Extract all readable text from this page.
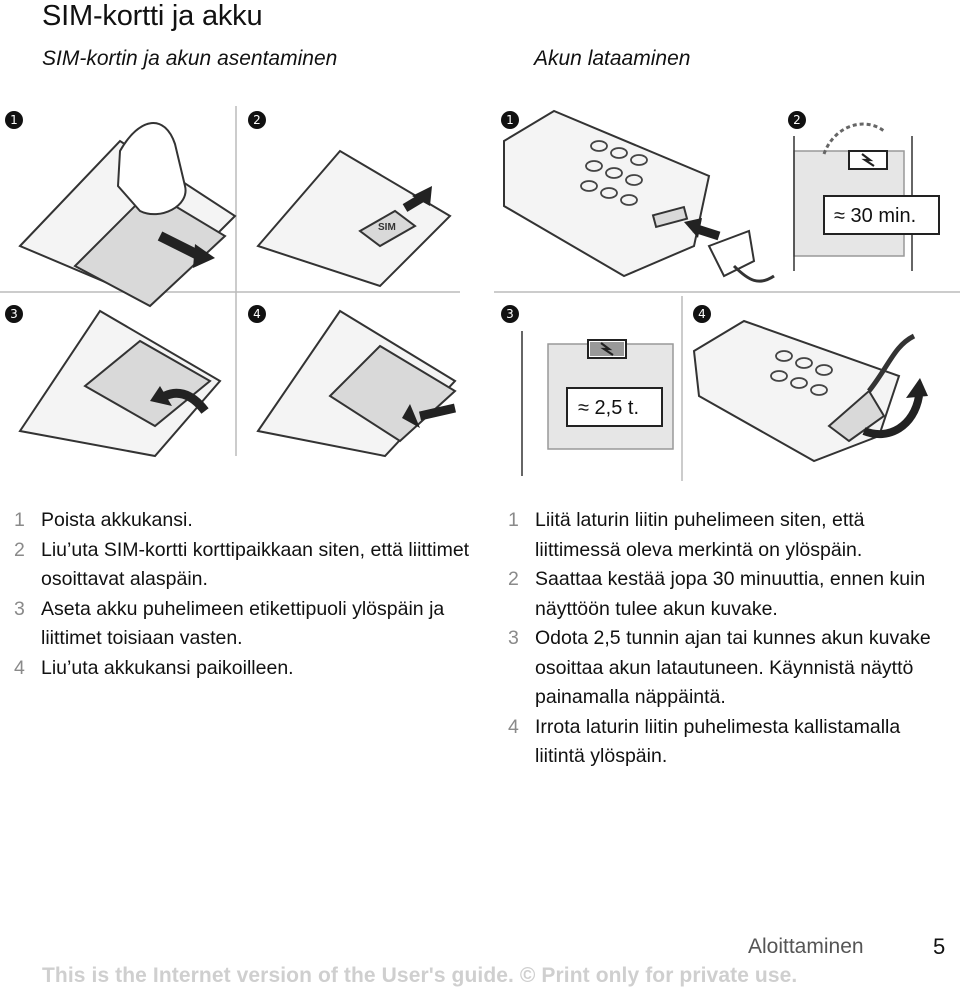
SIM-kortti ja akku
SIM-kortin ja akun asentaminen	Akun lataaminen
1	2
SIM
3	4
1	2
≈ 30 min.
3
≈ 2,5 t.
4
1 Poista akkukansi.
2 Liu’uta SIM-kortti korttipaikkaan siten, että liittimet osoittavat alaspäin.
3 Aseta akku puhelimeen etikettipuoli ylöspäin ja liittimet toisiaan vasten.
4 Liu’uta akkukansi paikoilleen.
1 Liitä laturin liitin puhelimeen siten, että liittimessä oleva merkintä on ylöspäin.
2 Saattaa kestää jopa 30 minuuttia, ennen kuin näyttöön tulee akun kuvake.
3 Odota 2,5 tunnin ajan tai kunnes akun kuvake osoittaa akun latautuneen. Käynnistä näyttö painamalla näppäintä.
4 Irrota laturin liitin puhelimesta kallistamalla liitintä ylöspäin.
Aloittaminen	5
This is the Internet version of the User's guide. © Print only for private use.
